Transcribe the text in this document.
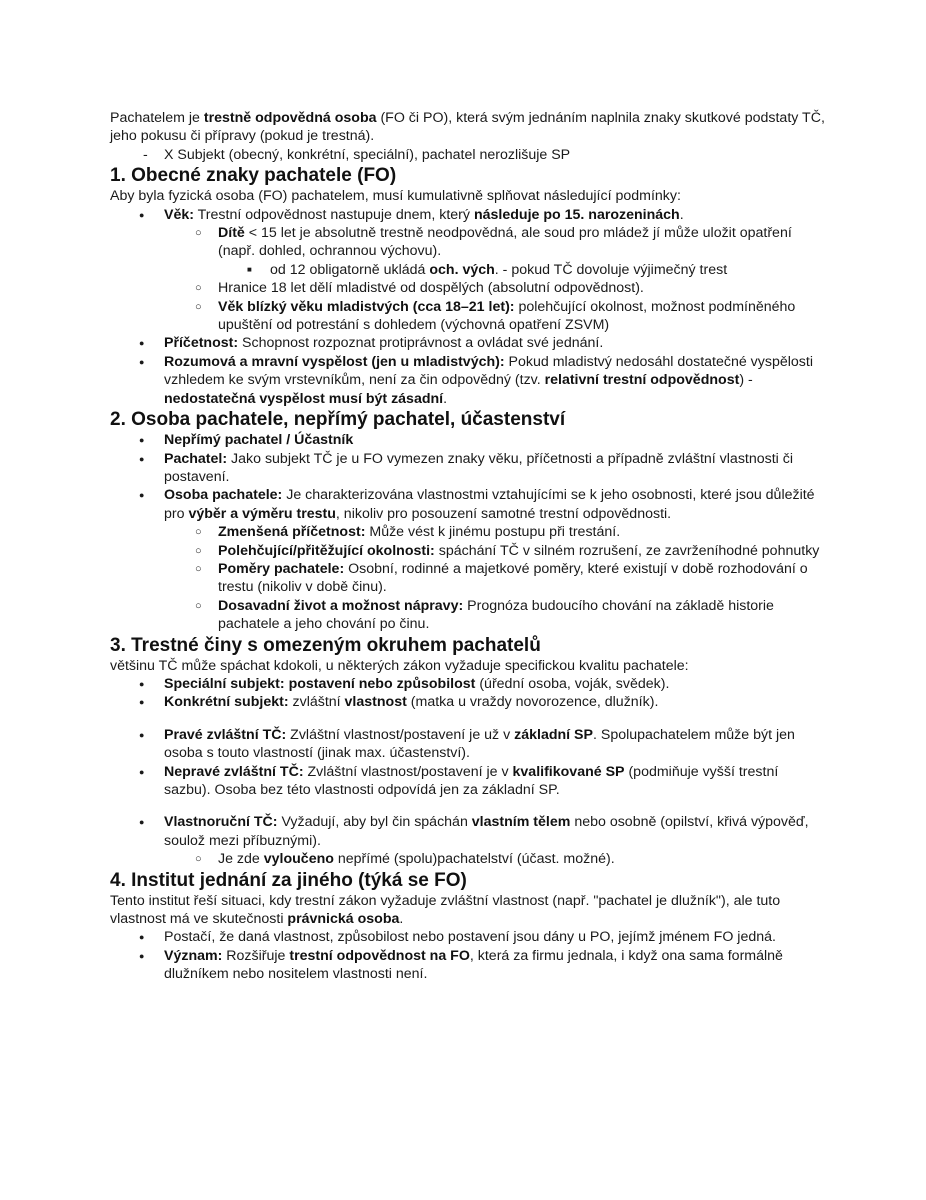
Pachatelem je trestně odpovědná osoba (FO či PO), která svým jednáním naplnila znaky skutkové podstaty TČ, jeho pokusu či přípravy (pokud je trestná).

- X Subjekt (obecný, konkrétní, speciální), pachatel nerozlišuje SP
1. Obecné znaky pachatele (FO)

Aby byla fyzická osoba (FO) pachatelem, musí kumulativně splňovat následující podmínky:

● Věk: Trestní odpovědnost nastupuje dnem, který následuje po 15. narozeninách.
○ Dítě < 15 let je absolutně trestně neodpovědná, ale soud pro mládež jí může uložit opatření (např. dohled, ochrannou výchovu).
■ od 12 obligatorně ukládá och. vých. - pokud TČ dovoluje výjimečný trest
○ Hranice 18 let dělí mladistvé od dospělých (absolutní odpovědnost).
○ Věk blízký věku mladistvých (cca 18–21 let): polehčující okolnost, možnost podmíněného upuštění od potrestání s dohledem (výchovná opatření ZSVM)
● Příčetnost: Schopnost rozpoznat protiprávnost a ovládat své jednání.
● Rozumová a mravní vyspělost (jen u mladistvých): Pokud mladistvý nedosáhl dostatečné vyspělosti vzhledem ke svým vrstevníkům, není za čin odpovědný (tzv. relativní trestní odpovědnost) - nedostatečná vyspělost musí být zásadní.
2. Osoba pachatele, nepřímý pachatel, účastenství
● Nepřímý pachatel / Účastník
● Pachatel: Jako subjekt TČ je u FO vymezen znaky věku, příčetnosti a případně zvláštní vlastnosti či postavení.
● Osoba pachatele: Je charakterizována vlastnostmi vztahujícími se k jeho osobnosti, které jsou důležité pro výběr a výměru trestu, nikoliv pro posouzení samotné trestní odpovědnosti.
○ Zmenšená příčetnost: Může vést k jinému postupu při trestání.
○ Polehčující/přitěžující okolnosti: spáchání TČ v silném rozrušení, ze zavrženíhodné pohnutky
○ Poměry pachatele: Osobní, rodinné a majetkové poměry, které existují v době rozhodování o trestu (nikoliv v době činu).
○ Dosavadní život a možnost nápravy: Prognóza budoucího chování na základě historie pachatele a jeho chování po činu.
3. Trestné činy s omezeným okruhem pachatelů

většinu TČ může spáchat kdokoli, u některých zákon vyžaduje specifickou kvalitu pachatele:

● Speciální subjekt: postavení nebo způsobilost (úřední osoba, voják, svědek).
● Konkrétní subjekt: zvláštní vlastnost (matka u vraždy novorozence, dlužník).
● Pravé zvláštní TČ: Zvláštní vlastnost/postavení je už v základní SP. Spolupachatelem může být jen osoba s touto vlastností (jinak max. účastenství).
● Nepravé zvláštní TČ: Zvláštní vlastnost/postavení je v kvalifikované SP (podmiňuje vyšší trestní sazbu). Osoba bez této vlastnosti odpovídá jen za základní SP.
● Vlastnoruční TČ: Vyžadují, aby byl čin spáchán vlastním tělem nebo osobně (opilství, křivá výpověď, soulož mezi příbuznými).
○ Je zde vyloučeno nepřímé (spolu)pachatelství (účast. možné).
4. Institut jednání za jiného (týká se FO)

Tento institut řeší situaci, kdy trestní zákon vyžaduje zvláštní vlastnost (např. "pachatel je dlužník"), ale tuto vlastnost má ve skutečnosti právnická osoba.

● Postačí, že daná vlastnost, způsobilost nebo postavení jsou dány u PO, jejímž jménem FO jedná.
● Význam: Rozšiřuje trestní odpovědnost na FO, která za firmu jednala, i když ona sama formálně dlužníkem nebo nositelem vlastnosti není.
